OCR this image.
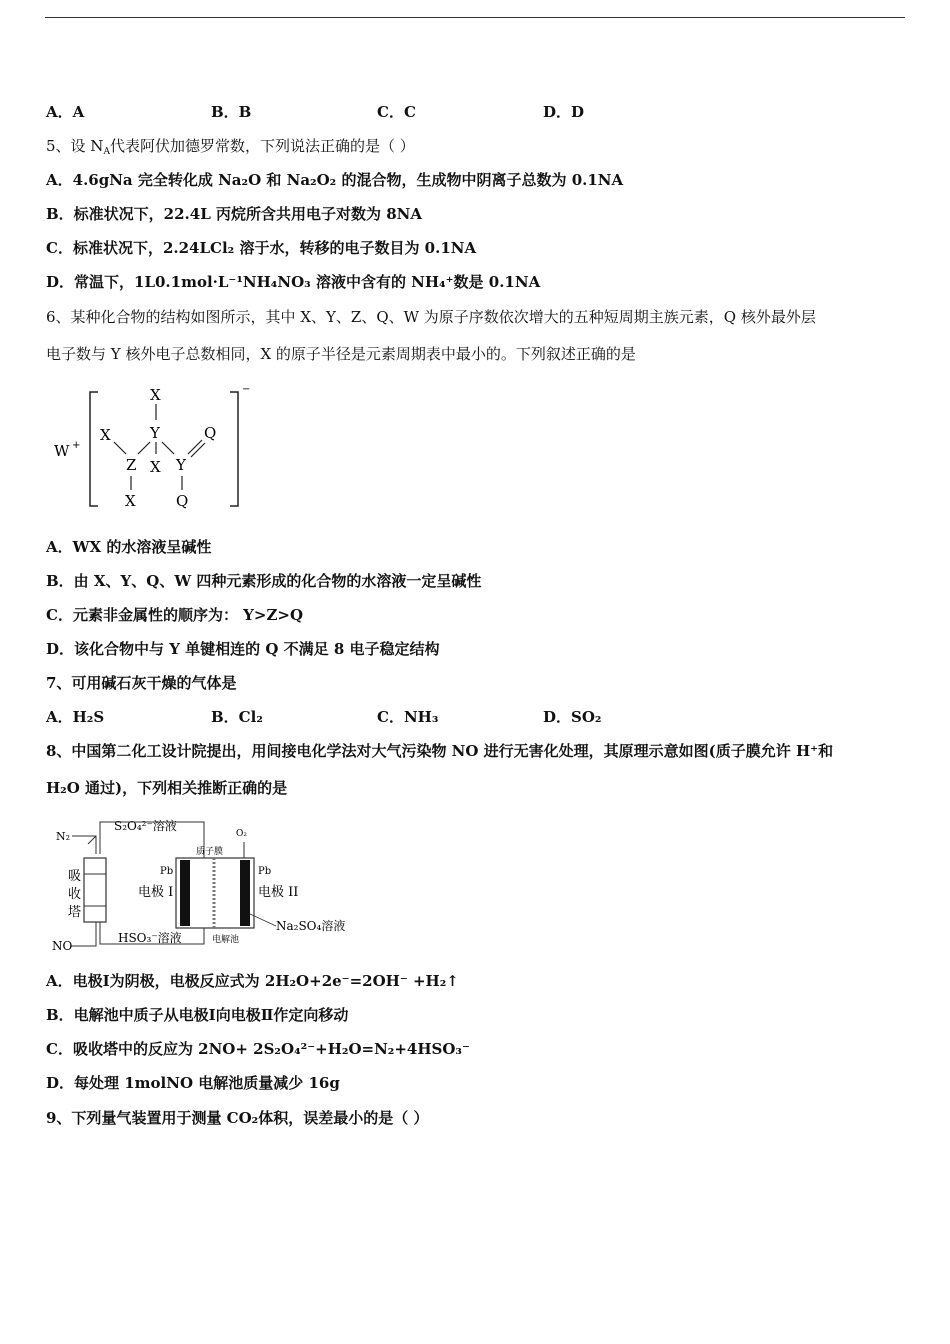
A．A	B．B	C．C	D．D
5、设 $N_A$代表阿伏加德罗常数，下列说法正确的是（ ）
A．4.6gNa 完全转化成 Na₂O 和 Na₂O₂ 的混合物，生成物中阴离子总数为 0.1NA
B．标准状况下，22.4L 丙烷所含共用电子对数为 8NA
C．标准状况下，2.24LCl₂ 溶于水，转移的电子数目为 0.1NA
D．常温下，1L0.1mol·L⁻¹NH₄NO₃ 溶液中含有的 NH₄⁺数是 0.1NA
6、某种化合物的结构如图所示，其中 X、Y、Z、Q、W 为原子序数依次增大的五种短周期主族元素，Q 核外最外层
电子数与 Y 核外电子总数相同，X 的原子半径是元素周期表中最小的。下列叙述正确的是
W +
−
X
Y
X
Z X Y
Q
X	Q
A．WX 的水溶液呈碱性
B．由 X、Y、Q、W 四种元素形成的化合物的水溶液一定呈碱性
C．元素非金属性的顺序为： Y>Z>Q
D．该化合物中与 Y 单键相连的 Q 不满足 8 电子稳定结构
7、可用碱石灰干燥的气体是
A．H₂S	B．Cl₂	C．NH₃	D．SO₂
8、中国第二化工设计院提出，用间接电化学法对大气污染物 NO 进行无害化处理，其原理示意如图(质子膜允许 H⁺和
H₂O 通过)，下列相关推断正确的是
N₂
S₂O₄²⁻溶液
吸
收
塔
NO
HSO₃⁻溶液
质子膜
O₂
Pb	Pb
电极 I	电极 II
Na₂SO₄溶液
电解池
A．电极Ⅰ为阴极，电极反应式为 2H₂O+2e⁻=2OH⁻ +H₂↑
B．电解池中质子从电极Ⅰ向电极Ⅱ作定向移动
C．吸收塔中的反应为 2NO+ 2S₂O₄²⁻+H₂O=N₂+4HSO₃⁻
D．每处理 1molNO 电解池质量减少 16g
9、下列量气装置用于测量 CO₂体积，误差最小的是（ ）
